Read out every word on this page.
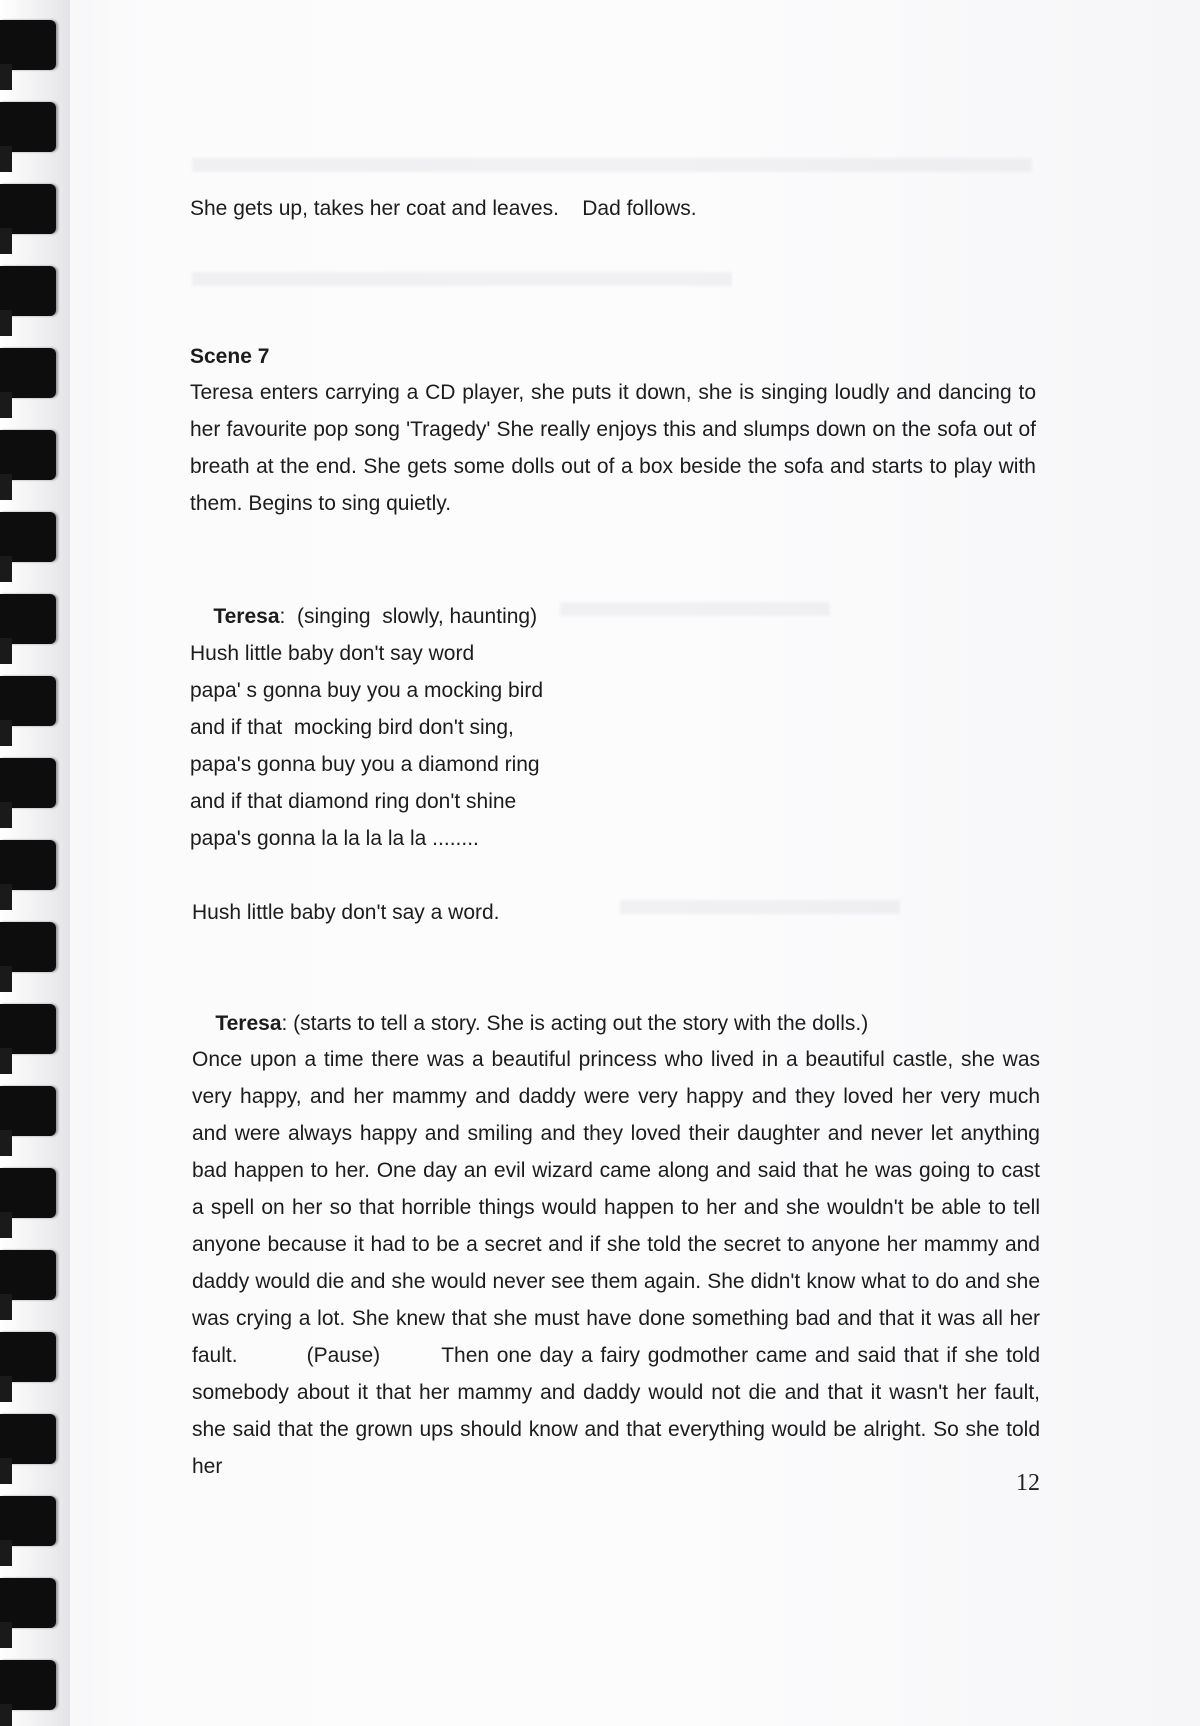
She gets up, takes her coat and leaves.    Dad follows.
Scene 7
Teresa enters carrying a CD player, she puts it down, she is singing loudly and dancing to her favourite pop song 'Tragedy' She really enjoys this and slumps down on the sofa out of breath at the end. She gets some dolls out of a box beside the sofa and starts to play with them. Begins to sing quietly.

Teresa:  (singing  slowly, haunting)

Hush little baby don't say word
papa' s gonna buy you a mocking bird
and if that  mocking bird don't sing,
papa's gonna buy you a diamond ring
and if that diamond ring don't shine
papa's gonna la la la la la ........
Hush little baby don't say a word.

Teresa: (starts to tell a story. She is acting out the story with the dolls.)

Once upon a time there was a beautiful princess who lived in a beautiful castle, she was very happy, and her mammy and daddy were very happy and they loved her very much and were always happy and smiling and they loved their daughter and never let anything bad happen to her. One day an evil wizard came along and said that he was going to cast a spell on her so that horrible things would happen to her and she wouldn't be able to tell anyone because it had to be a secret and if she told the secret to anyone her mammy and daddy would die and she would never see them again. She didn't know what to do and she was crying a lot. She knew that she must have done something bad and that it was all her fault.         (Pause)        Then one day a fairy godmother came and said that if she told somebody about it that her mammy and daddy would not die and that it wasn't her fault, she said that the grown ups should know and that everything would be alright. So she told her
12
